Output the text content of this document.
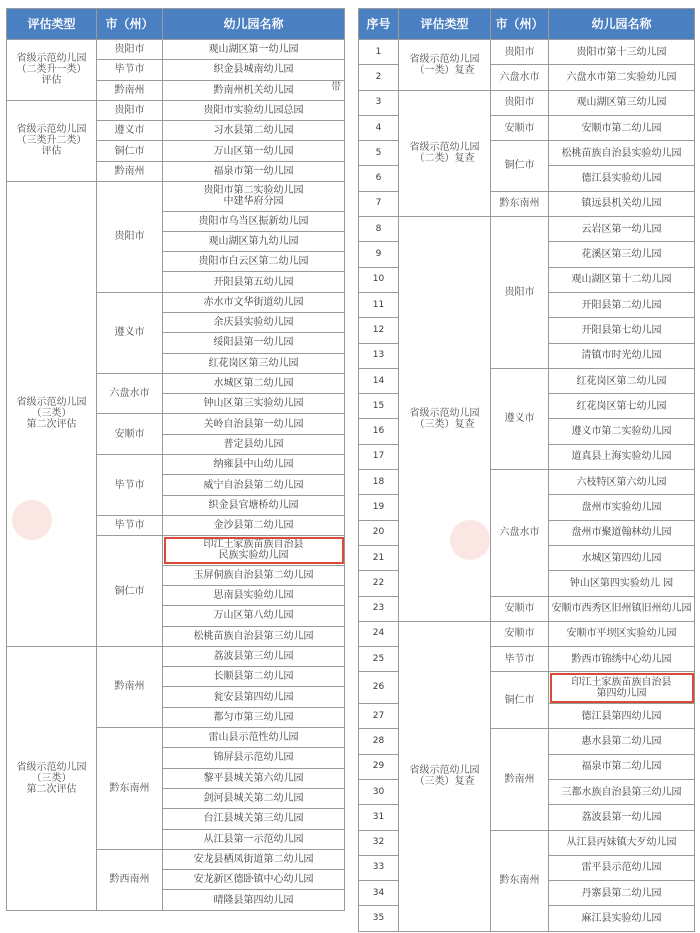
评估类型	市（州）	幼儿园名称
省级示范幼儿园
（二类升一类）
评估	贵阳市	观山湖区第一幼儿园
	毕节市	织金县城南幼儿园
	黔南州	黔南州机关幼儿园
省级示范幼儿园
（三类升二类）
评估	贵阳市	贵阳市实验幼儿园总园
	遵义市	习水县第二幼儿园
	铜仁市	万山区第一幼儿园
	黔南州	福泉市第一幼儿园
省级示范幼儿园
（三类）
第二次评估	贵阳市	贵阳市第二实验幼儿园
中建华府分园
		贵阳市乌当区振新幼儿园
		观山湖区第九幼儿园
		贵阳市白云区第二幼儿园
		开阳县第五幼儿园
	遵义市	赤水市文华街道幼儿园
		余庆县实验幼儿园
		绥阳县第一幼儿园
		红花岗区第三幼儿园
	六盘水市	水城区第二幼儿园
		钟山区第三实验幼儿园
	安顺市	关岭自治县第一幼儿园
		普定县幼儿园
	毕节市	纳雍县中山幼儿园
		威宁自治县第二幼儿园
		织金县官塘桥幼儿园
	毕节市	金沙县第二幼儿园
	铜仁市	印江土家族苗族自治县
民族实验幼儿园
		玉屏侗族自治县第二幼儿园
		思南县实验幼儿园
		万山区第八幼儿园
		松桃苗族自治县第三幼儿园
省级示范幼儿园
（三类）
第二次评估	黔南州	荔波县第三幼儿园
		长顺县第二幼儿园
		瓮安县第四幼儿园
		都匀市第三幼儿园
	黔东南州	雷山县示范性幼儿园
		锦屏县示范幼儿园
		黎平县城关第六幼儿园
		剑河县城关第二幼儿园
		台江县城关第三幼儿园
		从江县第一示范幼儿园
	黔西南州	安龙县栖凤街道第二幼儿园
		安龙新区德卧镇中心幼儿园
		晴隆县第四幼儿园
带
序号	评估类型	市（州）	幼儿园名称
1	省级示范幼儿园
（一类）复查	贵阳市	贵阳市第十三幼儿园
2		六盘水市	六盘水市第二实验幼儿园
3	省级示范幼儿园
（二类）复查	贵阳市	观山湖区第三幼儿园
4		安顺市	安顺市第二幼儿园
5		铜仁市	松桃苗族自治县实验幼儿园
6			德江县实验幼儿园
7		黔东南州	镇远县机关幼儿园
8	省级示范幼儿园
（三类）复查	贵阳市	云岩区第一幼儿园
9			花溪区第三幼儿园
10			观山湖区第十二幼儿园
11			开阳县第二幼儿园
12			开阳县第七幼儿园
13			清镇市时光幼儿园
14		遵义市	红花岗区第二幼儿园
15			红花岗区第七幼儿园
16			遵义市第二实验幼儿园
17			道真县上海实验幼儿园
18		六盘水市	六枝特区第六幼儿园
19			盘州市实验幼儿园
20			盘州市聚道翰林幼儿园
21			水城区第四幼儿园
22			钟山区第四实验幼儿 园
23		安顺市	安顺市西秀区旧州镇旧州幼儿园
24	省级示范幼儿园
（三类）复查	安顺市	安顺市平坝区实验幼儿园
25		毕节市	黔西市锦绣中心幼儿园
26		铜仁市	印江土家族苗族自治县
第四幼儿园
27			德江县第四幼儿园
28		黔南州	惠水县第二幼儿园
29			福泉市第二幼儿园
30			三都水族自治县第三幼儿园
31			荔波县第一幼儿园
32		黔东南州	从江县丙妹镇大歹幼儿园
33			雷平县示范幼儿园
34			丹寨县第二幼儿园
35			麻江县实验幼儿园
